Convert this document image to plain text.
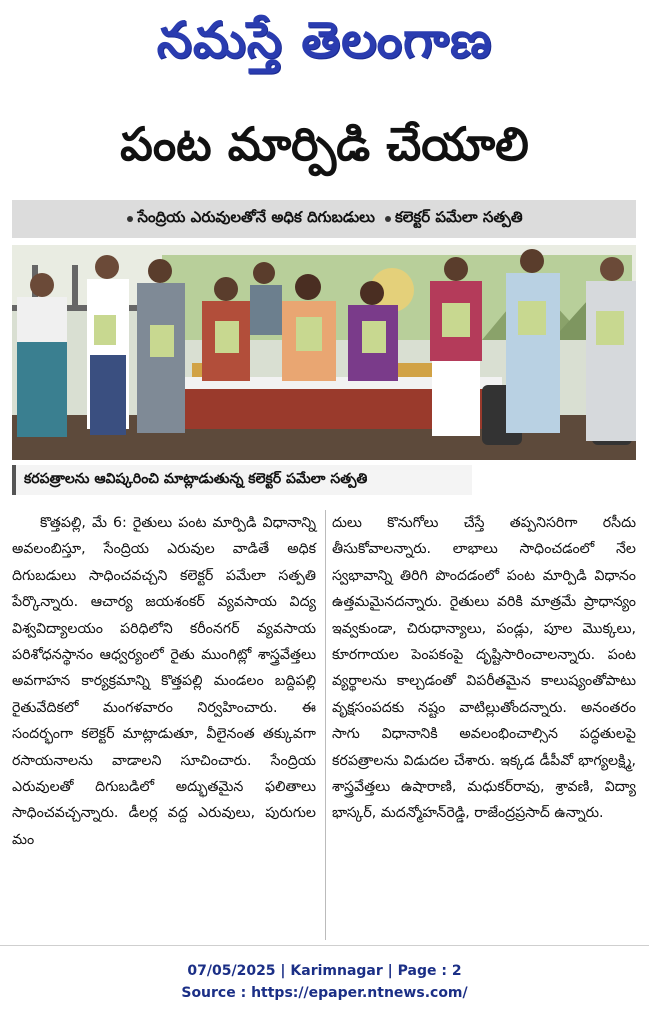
నమస్తే తెలంగాణ
పంట మార్పిడి చేయాలి
సేంద్రియ ఎరువులతోనే అధిక దిగుబడులు కలెక్టర్ పమేలా సత్పతి
కరపత్రాలను ఆవిష్కరించి మాట్లాడుతున్న కలెక్టర్ పమేలా సత్పతి

కొత్తపల్లి, మే 6: రైతులు పంట మార్పిడి విధానాన్ని అవలంబిస్తూ, సేంద్రియ ఎరువుల వాడితే అధిక దిగుబడులు సాధించవచ్చని కలెక్టర్ పమేలా సత్పతి పేర్కొన్నారు. ఆచార్య జయశంకర్ వ్యవసాయ విద్య విశ్వవిద్యాలయం పరిధిలోని కరీంనగర్ వ్యవసాయ పరిశోధనస్థానం ఆధ్వర్యంలో రైతు ముంగిట్లో శాస్త్రవేత్తలు అవగాహన కార్యక్రమాన్ని కొత్తపల్లి మండలం బద్దిపల్లి రైతువేదికలో మంగళవారం నిర్వహించారు. ఈ సందర్భంగా కలెక్టర్ మాట్లాడుతూ, వీలైనంత తక్కువగా రసాయనాలను వాడాలని సూచించారు. సేంద్రియ ఎరువులతో దిగుబడిలో అద్భుతమైన ఫలితాలు సాధించవచ్చన్నారు. డీలర్ల వద్ద ఎరువులు, పురుగుల మం

దులు కొనుగోలు చేస్తే తప్పనిసరిగా రసీదు తీసుకోవాలన్నారు. లాభాలు సాధించడంలో నేల స్వభావాన్ని తిరిగి పొందడంలో పంట మార్పిడి విధానం ఉత్తమమైనదన్నారు. రైతులు వరికి మాత్రమే ప్రాధాన్యం ఇవ్వకుండా, చిరుధాన్యాలు, పండ్లు, పూల మొక్కలు, కూరగాయల పెంపకంపై దృష్టిసారించాలన్నారు. పంట వ్యర్థాలను కాల్చడంతో విపరీతమైన కాలుష్యంతోపాటు వృక్షసంపదకు నష్టం వాటిల్లుతోందన్నారు. అనంతరం సాగు విధానానికి అవలంభించాల్సిన పద్ధతులపై కరపత్రాలను విడుదల చేశారు. ఇక్కడ డీపీవో భాగ్యలక్ష్మి, శాస్త్రవేత్తలు ఉషారాణి, మధుకర్‌రావు, శ్రావణి, విద్యా భాస్కర్, మదన్మోహన్‌రెడ్డి, రాజేంద్రప్రసాద్ ఉన్నారు.

07/05/2025 | Karimnagar | Page : 2
Source : https://epaper.ntnews.com/
